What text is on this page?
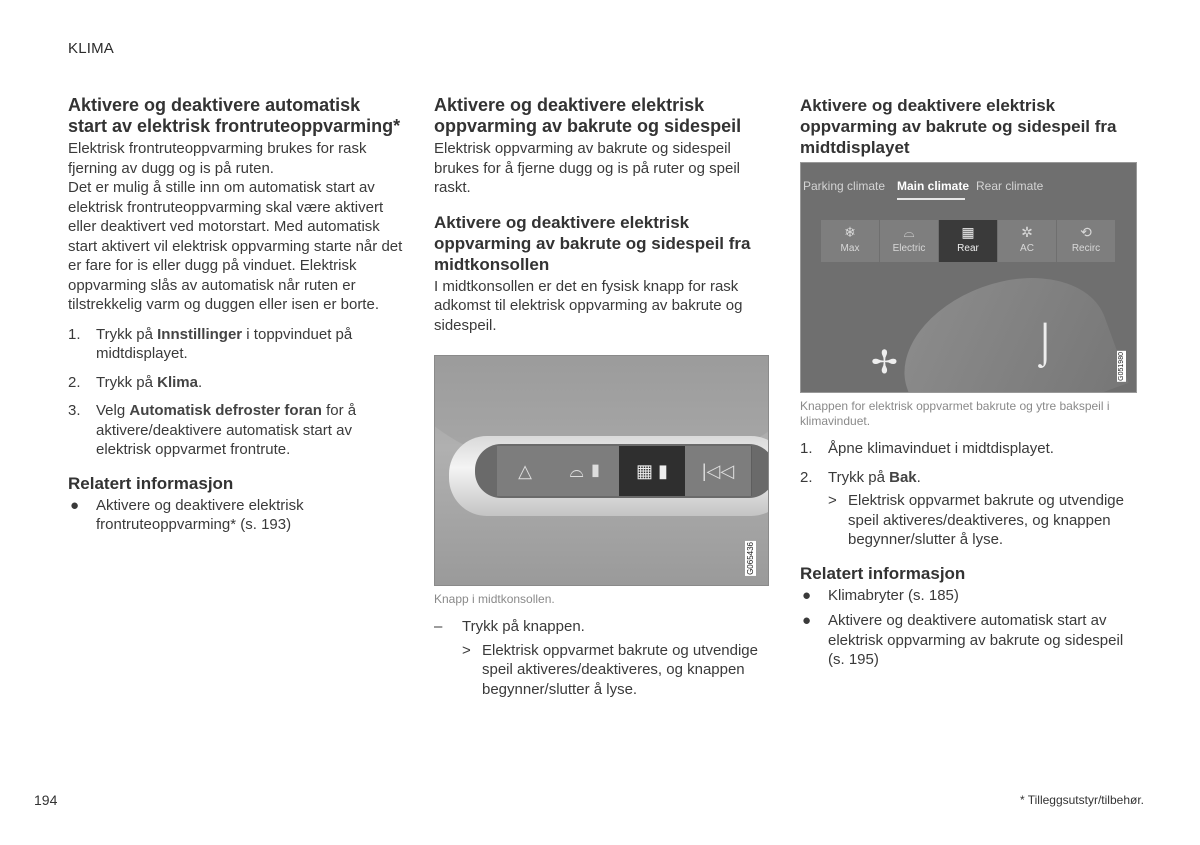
KLIMA
Aktivere og deaktivere automatisk start av elektrisk frontruteoppvarming*

Elektrisk frontruteoppvarming brukes for rask fjerning av dugg og is på ruten.

Det er mulig å stille inn om automatisk start av elektrisk frontruteoppvarming skal være aktivert eller deaktivert ved motorstart. Med automatisk start aktivert vil elektrisk oppvarming starte når det er fare for is eller dugg på vinduet. Elektrisk oppvarming slås av automatisk når ruten er tilstrekkelig varm og duggen eller isen er borte.

1. Trykk på Innstillinger i toppvinduet på midtdisplayet.
2. Trykk på Klima.
3. Velg Automatisk defroster foran for å aktivere/deaktivere automatisk start av elektrisk oppvarmet frontrute.
Relatert informasjon
● Aktivere og deaktivere elektrisk frontruteoppvarming* (s. 193)
Aktivere og deaktivere elektrisk oppvarming av bakrute og sidespeil

Elektrisk oppvarming av bakrute og sidespeil brukes for å fjerne dugg og is på ruter og speil raskt.

Aktivere og deaktivere elektrisk oppvarming av bakrute og sidespeil fra midtkonsollen

I midtkonsollen er det en fysisk knapp for rask adkomst til elektrisk oppvarming av bakrute og sidespeil.

△	⌓ ▮	▦ ▮	|◁◁
G065436
Knapp i midtkonsollen.
– Trykk på knappen.
> Elektrisk oppvarmet bakrute og utvendige speil aktiveres/deaktiveres, og knappen begynner/slutter å lyse.
Aktivere og deaktivere elektrisk oppvarming av bakrute og sidespeil fra midtdisplayet
Parking climate Main climate Rear climate
❄
Max
⌓
Electric
▦
Rear
✲
AC
⟲
Recirc
✢	⌡
G051980
Knappen for elektrisk oppvarmet bakrute og ytre bakspeil i klimavinduet.
1. Åpne klimavinduet i midtdisplayet.
2. Trykk på Bak.
> Elektrisk oppvarmet bakrute og utvendige speil aktiveres/deaktiveres, og knappen begynner/slutter å lyse.
Relatert informasjon
● Klimabryter (s. 185)
● Aktivere og deaktivere automatisk start av elektrisk oppvarming av bakrute og sidespeil (s. 195)
194	* Tilleggsutstyr/tilbehør.
